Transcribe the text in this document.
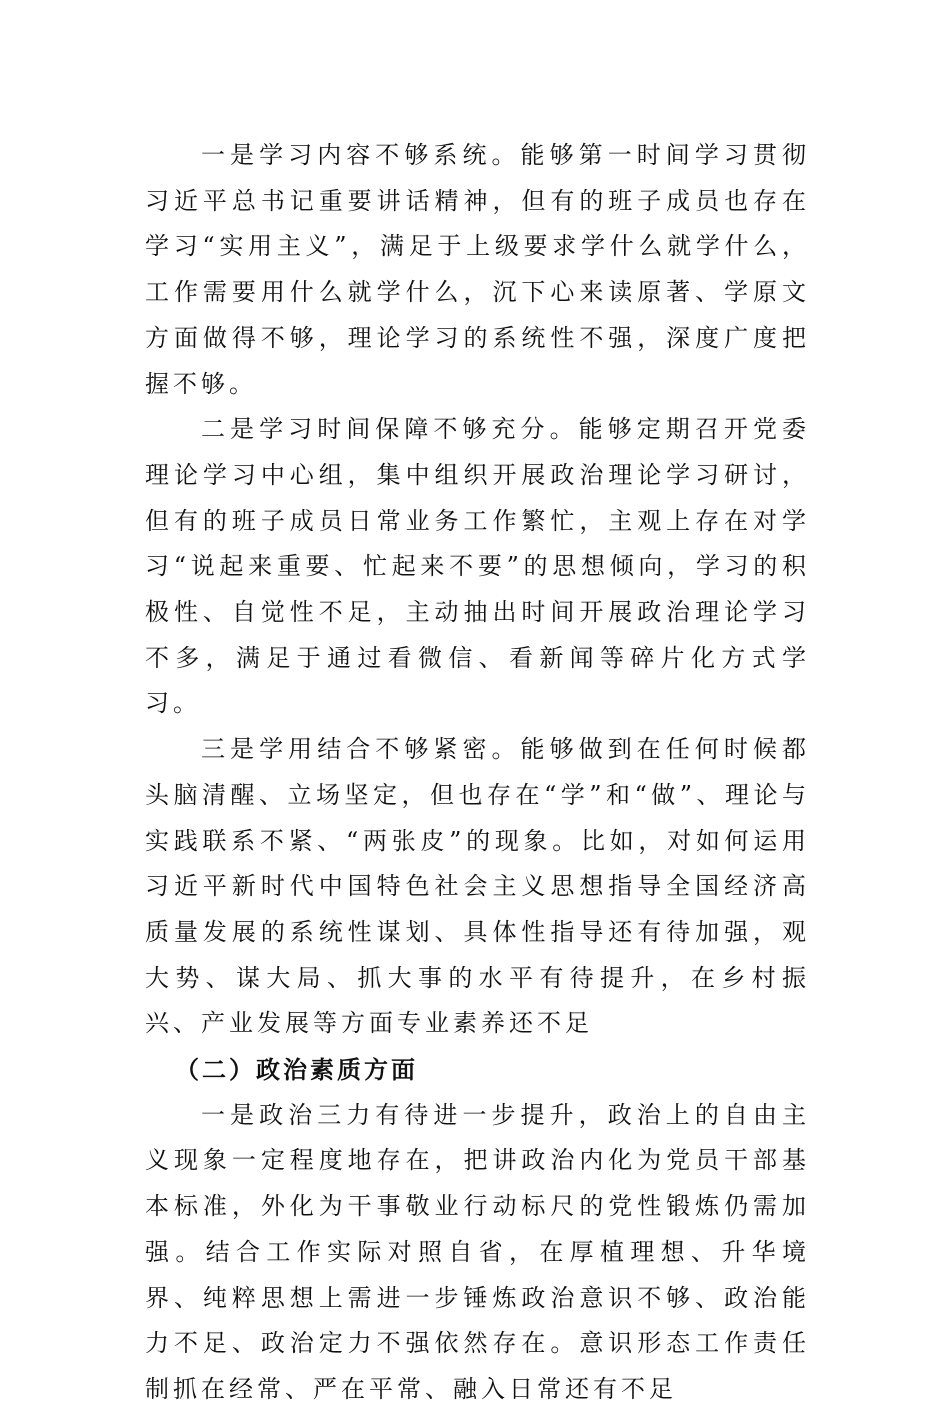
一是学习内容不够系统。能够第一时间学习贯彻习近平总书记重要讲话精神，但有的班子成员也存在学习“实用主义”，满足于上级要求学什么就学什么，工作需要用什么就学什么，沉下心来读原著、学原文方面做得不够，理论学习的系统性不强，深度广度把握不够。

二是学习时间保障不够充分。能够定期召开党委理论学习中心组，集中组织开展政治理论学习研讨，但有的班子成员日常业务工作繁忙，主观上存在对学习“说起来重要、忙起来不要”的思想倾向，学习的积极性、自觉性不足，主动抽出时间开展政治理论学习不多，满足于通过看微信、看新闻等碎片化方式学习。

三是学用结合不够紧密。能够做到在任何时候都头脑清醒、立场坚定，但也存在“学”和“做”、理论与实践联系不紧、“两张皮”的现象。比如，对如何运用习近平新时代中国特色社会主义思想指导全国经济高质量发展的系统性谋划、具体性指导还有待加强，观大势、谋大局、抓大事的水平有待提升，在乡村振兴、产业发展等方面专业素养还不足

（二）政治素质方面

一是政治三力有待进一步提升，政治上的自由主义现象一定程度地存在，把讲政治内化为党员干部基本标准，外化为干事敬业行动标尺的党性锻炼仍需加强。结合工作实际对照自省，在厚植理想、升华境界、纯粹思想上需进一步锤炼政治意识不够、政治能力不足、政治定力不强依然存在。意识形态工作责任制抓在经常、严在平常、融入日常还有不足
